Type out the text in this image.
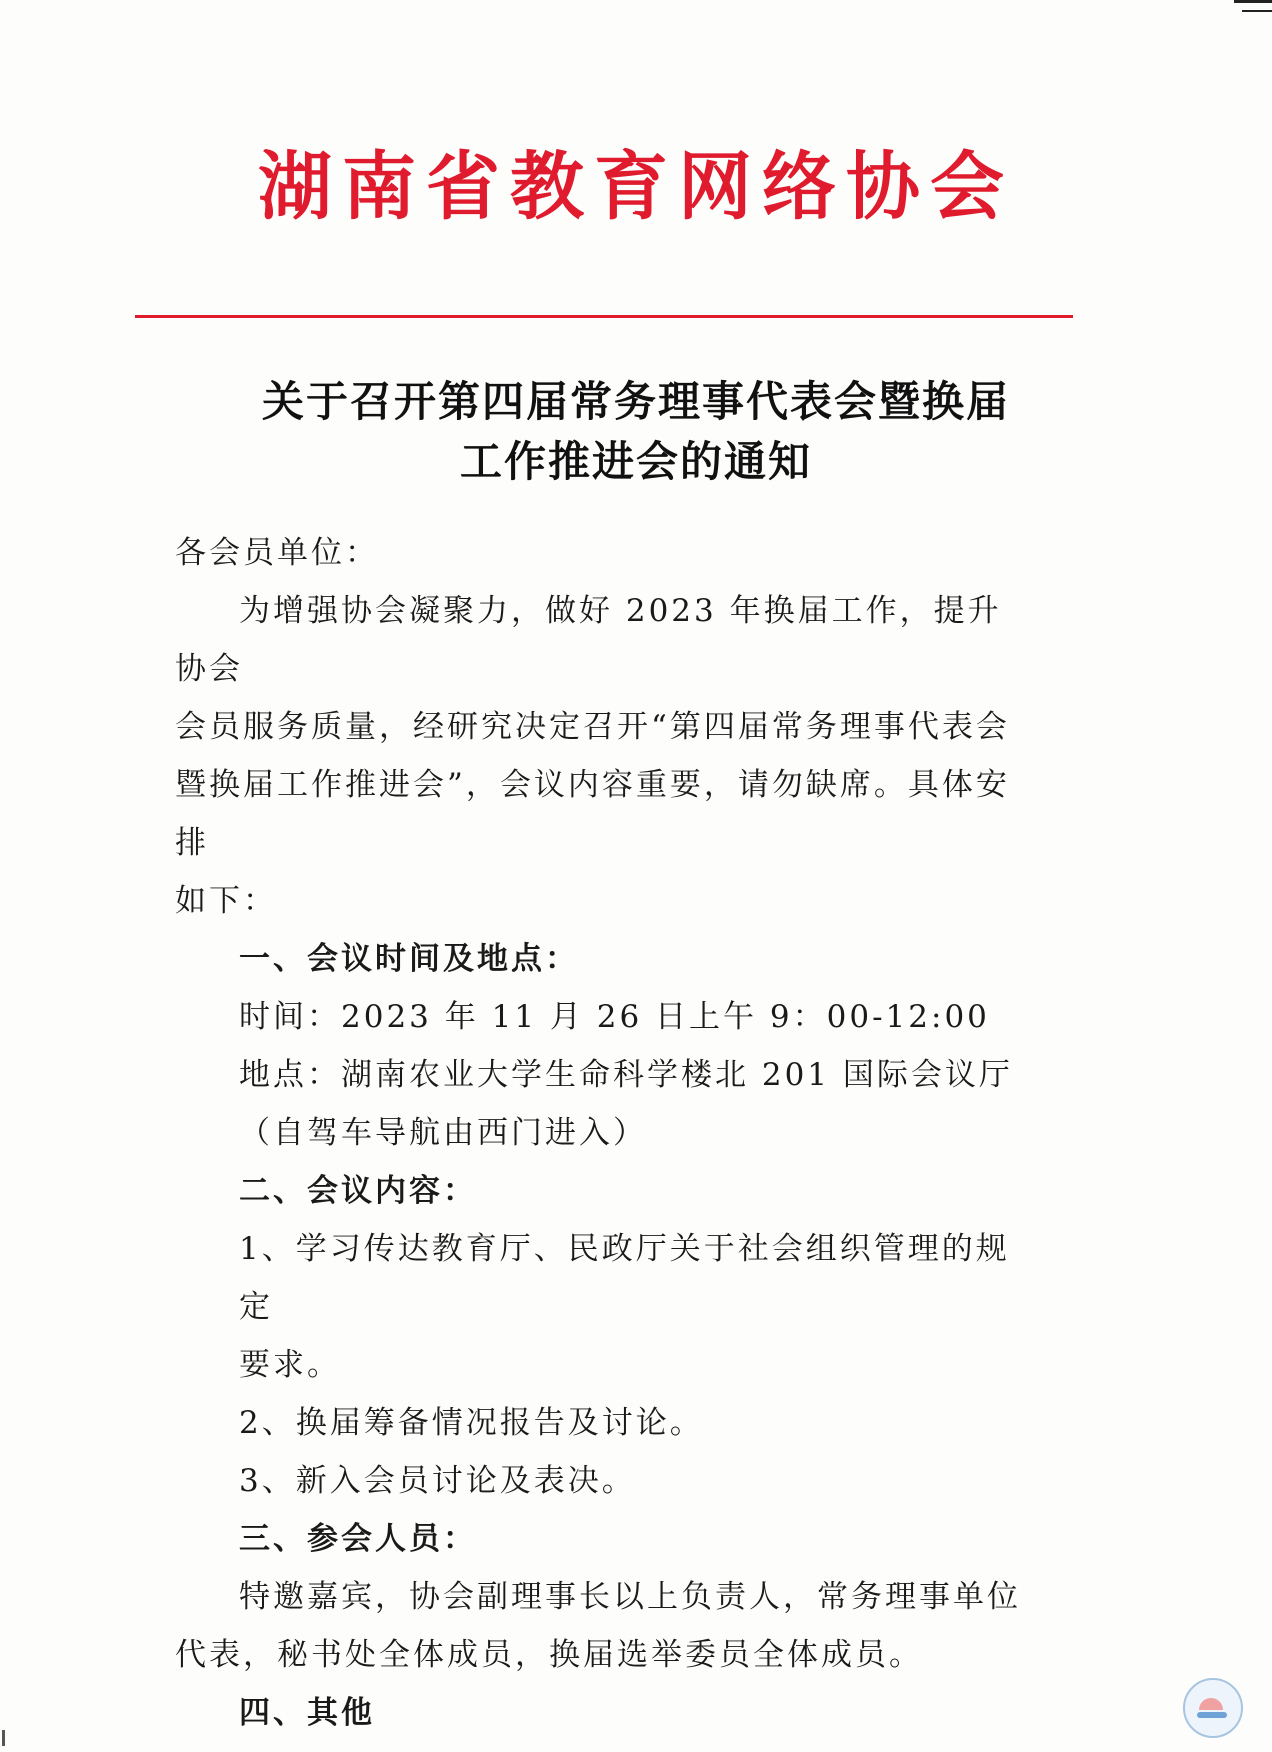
湖南省教育网络协会
关于召开第四届常务理事代表会暨换届
工作推进会的通知

各会员单位：

为增强协会凝聚力，做好 2023 年换届工作，提升协会

会员服务质量，经研究决定召开“第四届常务理事代表会

暨换届工作推进会”，会议内容重要，请勿缺席。具体安排

如下：

一、会议时间及地点：

时间：2023 年 11 月 26 日上午 9：00-12:00

地点：湖南农业大学生命科学楼北 201 国际会议厅

（自驾车导航由西门进入）

二、会议内容：

1、学习传达教育厅、民政厅关于社会组织管理的规定

要求。

2、换届筹备情况报告及讨论。

3、新入会员讨论及表决。

三、参会人员：

特邀嘉宾，协会副理事长以上负责人，常务理事单位

代表，秘书处全体成员，换届选举委员全体成员。

四、其他
